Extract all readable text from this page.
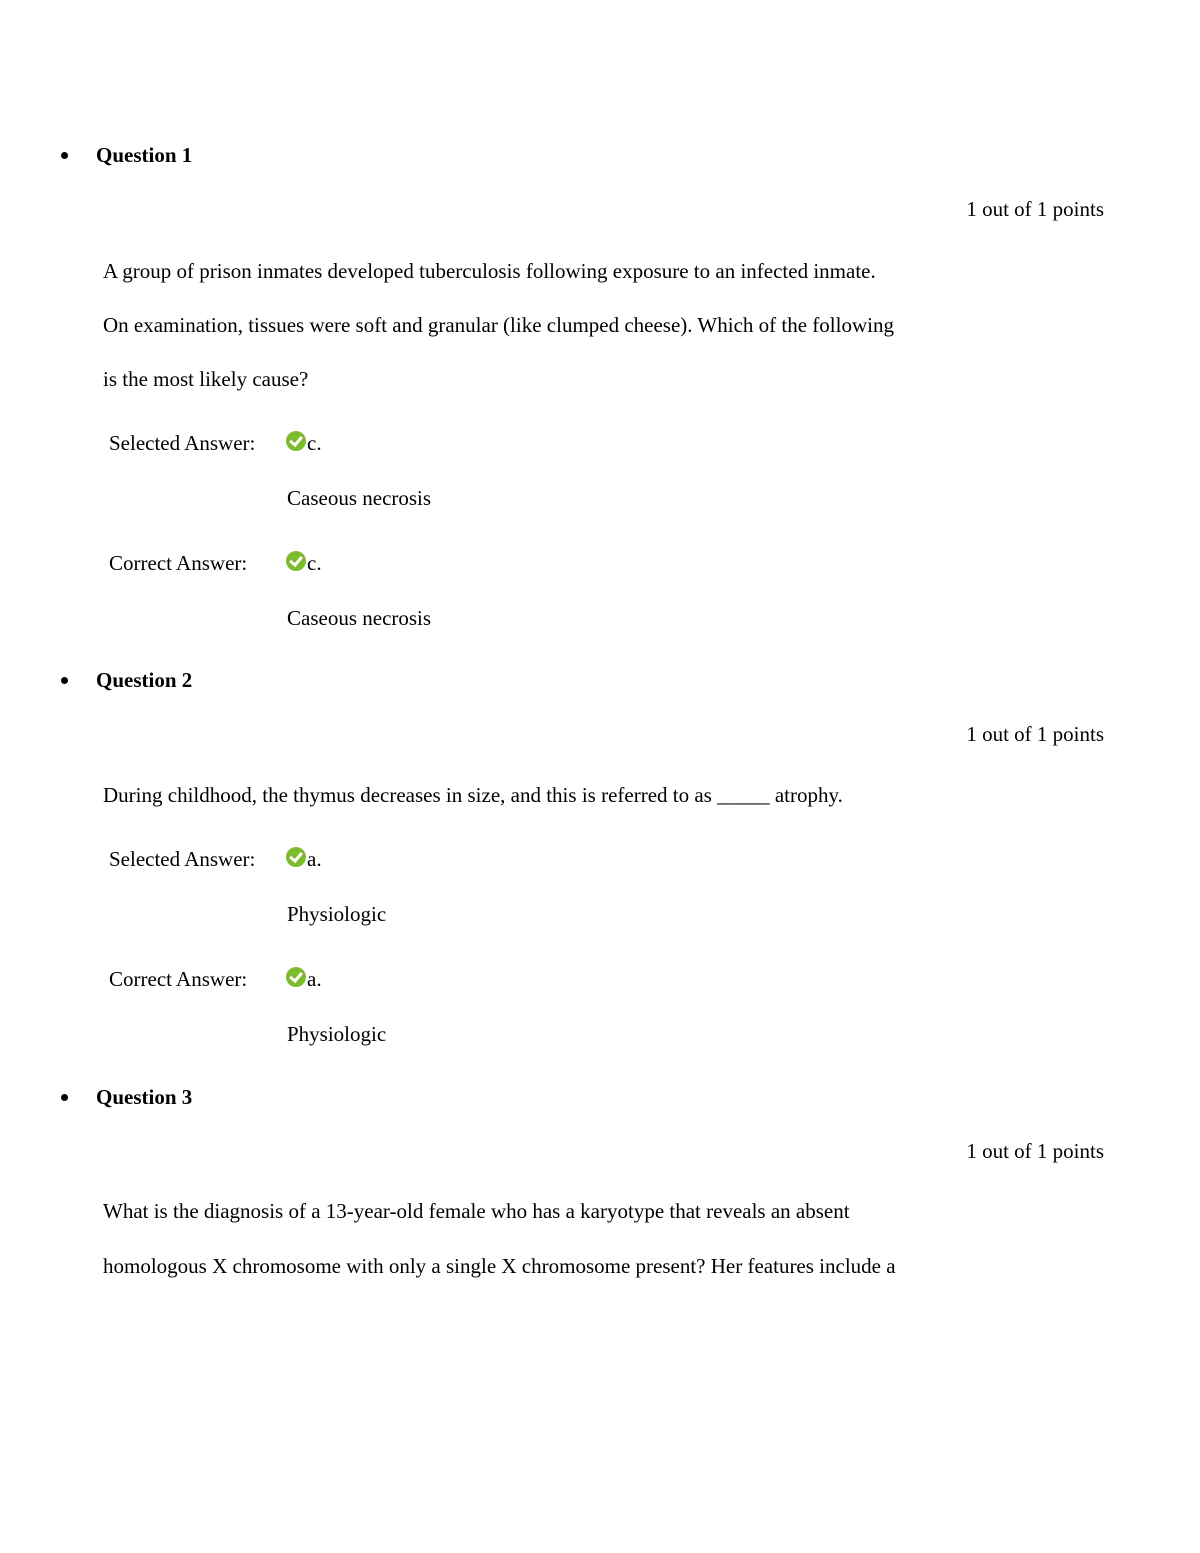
Question 1
1 out of 1 points
A group of prison inmates developed tuberculosis following exposure to an infected inmate.
On examination, tissues were soft and granular (like clumped cheese). Which of the following
is the most likely cause?
Selected Answer: c.
Caseous necrosis
Correct Answer:	c.
Caseous necrosis
Question 2
1 out of 1 points
During childhood, the thymus decreases in size, and this is referred to as _____ atrophy.
Selected Answer: a.
Physiologic
Correct Answer:	a.
Physiologic
Question 3
1 out of 1 points
What is the diagnosis of a 13-year-old female who has a karyotype that reveals an absent
homologous X chromosome with only a single X chromosome present? Her features include a
